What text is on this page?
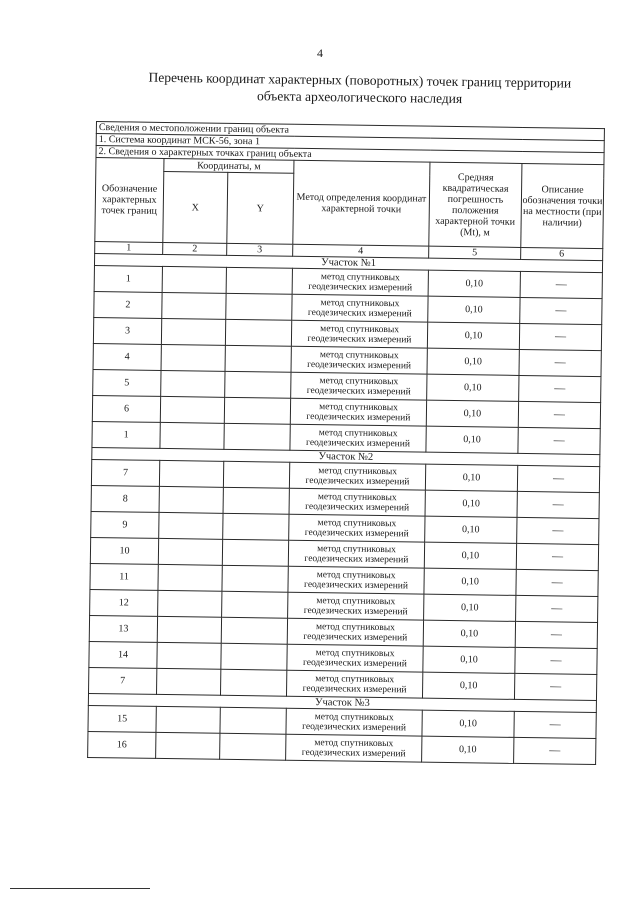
4
Перечень координат характерных (поворотных) точек границ территории
объекта археологического наследия
Сведения о местоположении границ объекта					
1. Система координат МСК-56, зона 1					
2. Сведения о характерных точках границ объекта					
Обозначение характерных точек границ	Координаты, м		Метод определения координат характерной точки	Средняя квадратическая погрешность положения характерной точки (Mt), м	Описание обозначения точки на местности (при наличии)
	X	Y			
1	2	3	4	5	6
Участок №1					
1			метод спутниковых геодезических измерений	0,10	—
2			метод спутниковых геодезических измерений	0,10	—
3			метод спутниковых геодезических измерений	0,10	—
4			метод спутниковых геодезических измерений	0,10	—
5			метод спутниковых геодезических измерений	0,10	—
6			метод спутниковых геодезических измерений	0,10	—
1			метод спутниковых геодезических измерений	0,10	—
Участок №2					
7			метод спутниковых геодезических измерений	0,10	—
8			метод спутниковых геодезических измерений	0,10	—
9			метод спутниковых геодезических измерений	0,10	—
10			метод спутниковых геодезических измерений	0,10	—
11			метод спутниковых геодезических измерений	0,10	—
12			метод спутниковых геодезических измерений	0,10	—
13			метод спутниковых геодезических измерений	0,10	—
14			метод спутниковых геодезических измерений	0,10	—
7			метод спутниковых геодезических измерений	0,10	—
Участок №3					
15			метод спутниковых геодезических измерений	0,10	—
16			метод спутниковых геодезических измерений	0,10	—
